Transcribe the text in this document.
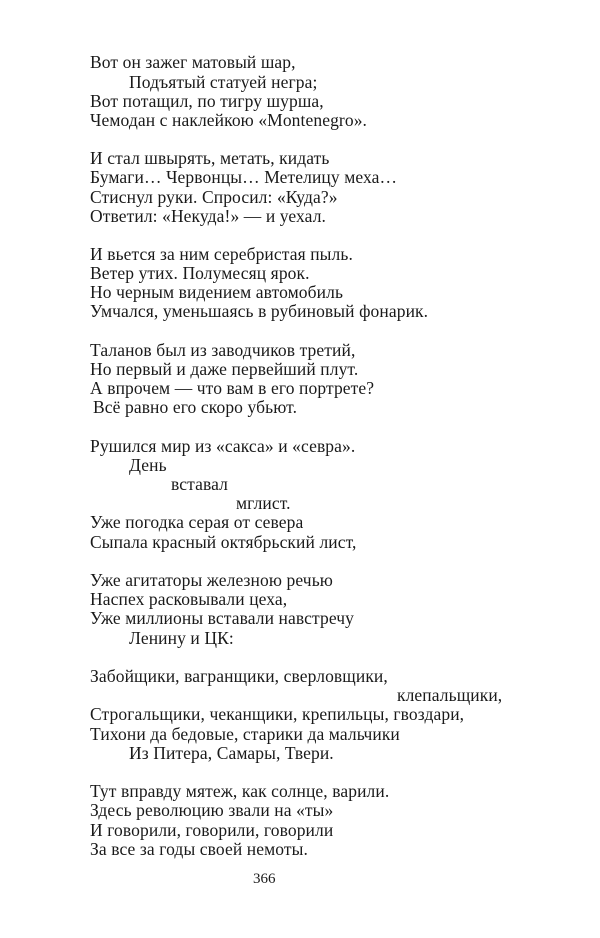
Вот он зажег матовый шар,
Подъятый статуей негра;
Вот потащил, по тигру шурша,
Чемодан с наклейкою «Montenegro».
И стал швырять, метать, кидать
Бумаги… Червонцы… Метелицу меха…
Стиснул руки. Спросил: «Куда?»
Ответил: «Некуда!» — и уехал.
И вьется за ним серебристая пыль.
Ветер утих. Полумесяц ярок.
Но черным видением автомобиль
Умчался, уменьшаясь в рубиновый фонарик.
Таланов был из заводчиков третий,
Но первый и даже первейший плут.
А впрочем — что вам в его портрете?
Всё равно его скоро убьют.
Рушился мир из «сакса» и «севра».
День
вставал
мглист.
Уже погодка серая от севера
Сыпала красный октябрьский лист,
Уже агитаторы железною речью
Наспех расковывали цеха,
Уже миллионы вставали навстречу
Ленину и ЦК:
Забойщики, вагранщики, сверловщики,
клепальщики,
Строгальщики, чеканщики, крепильцы, гвоздари,
Тихони да бедовые, старики да мальчики
Из Питера, Самары, Твери.
Тут вправду мятеж, как солнце, варили.
Здесь революцию звали на «ты»
И говорили, говорили, говорили
За все за годы своей немоты.
366
